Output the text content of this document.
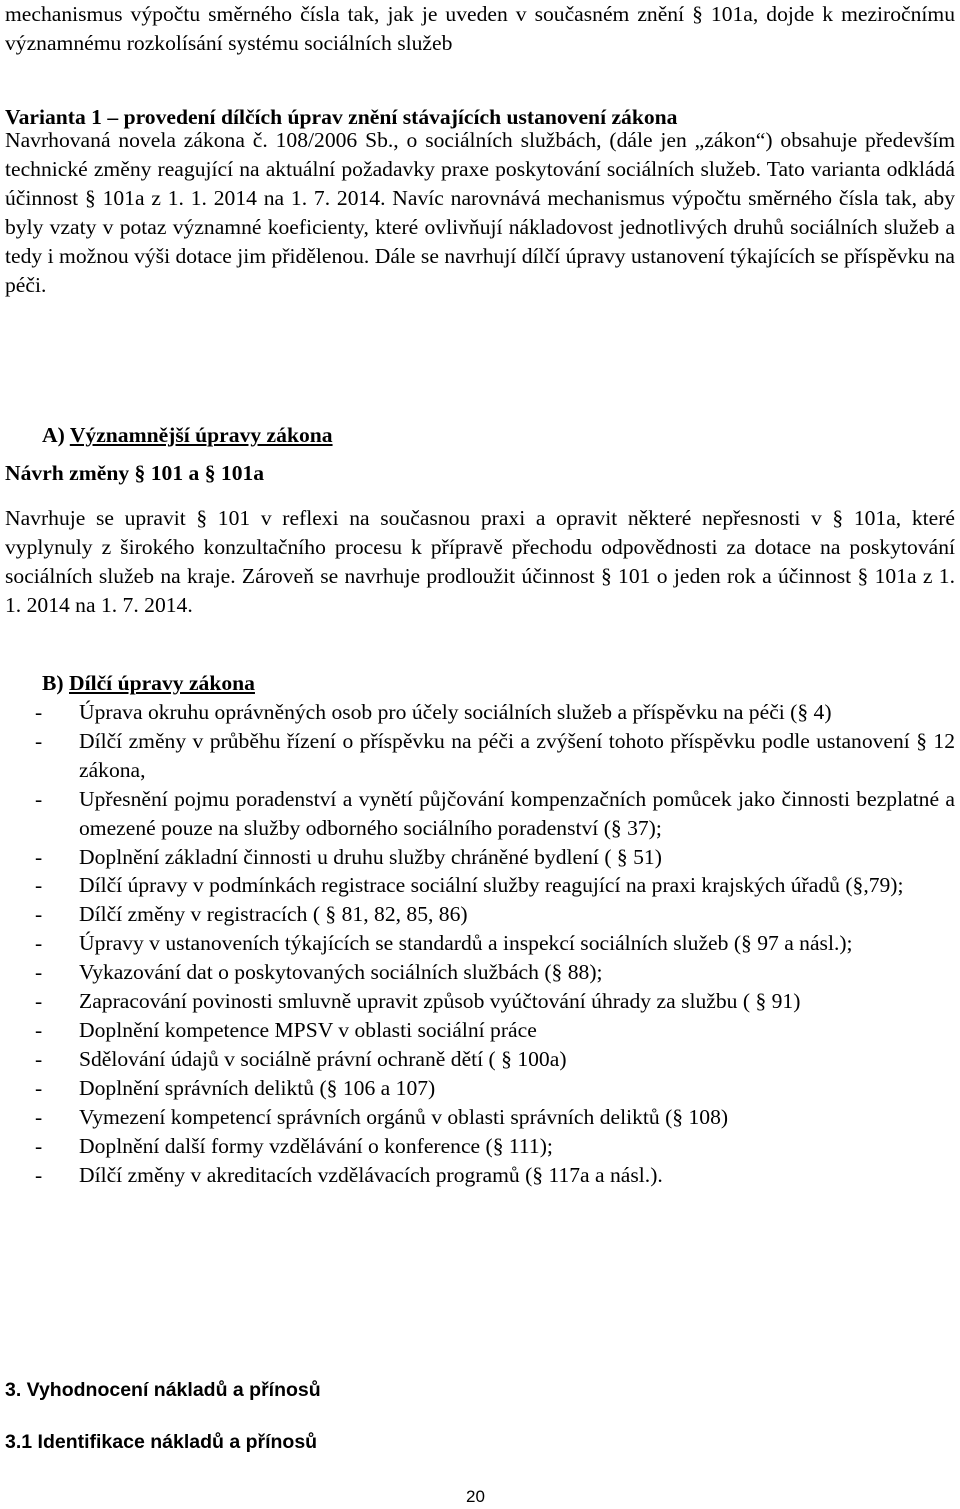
mechanismus výpočtu směrného čísla tak, jak je uveden v současném znění § 101a, dojde k meziročnímu významnému rozkolísání systému sociálních služeb
Varianta 1 – provedení dílčích úprav znění stávajících ustanovení zákona
Navrhovaná novela zákona č. 108/2006 Sb., o sociálních službách, (dále jen „zákon“) obsahuje především technické změny reagující na aktuální požadavky praxe poskytování sociálních služeb. Tato varianta odkládá účinnost § 101a z 1. 1. 2014 na 1. 7. 2014. Navíc narovnává mechanismus výpočtu směrného čísla tak, aby byly vzaty v potaz významné koeficienty, které ovlivňují nákladovost jednotlivých druhů sociálních služeb a tedy i možnou výši dotace jim přidělenou. Dále se navrhují dílčí úpravy ustanovení týkajících se příspěvku na péči.
A) Významnější úpravy zákona
Návrh změny § 101 a § 101a
Navrhuje se upravit § 101 v reflexi na současnou praxi a opravit některé nepřesnosti v § 101a, které vyplynuly z širokého konzultačního procesu k přípravě přechodu odpovědnosti za dotace na poskytování sociálních služeb na kraje. Zároveň se navrhuje prodloužit účinnost § 101 o jeden rok a účinnost § 101a z 1. 1. 2014 na 1. 7. 2014.
B) Dílčí úpravy zákona
- Úprava okruhu oprávněných osob pro účely sociálních služeb a příspěvku na péči (§ 4)
- Dílčí změny v průběhu řízení o příspěvku na péči a zvýšení tohoto příspěvku podle ustanovení § 12 zákona,
- Upřesnění pojmu poradenství a vynětí půjčování kompenzačních pomůcek jako činnosti bezplatné a omezené pouze na služby odborného sociálního poradenství (§ 37);
- Doplnění základní činnosti u druhu služby chráněné bydlení ( § 51)
- Dílčí úpravy v podmínkách registrace sociální služby reagující na praxi krajských úřadů (§,79);
- Dílčí změny v registracích ( § 81, 82, 85, 86)
- Úpravy v ustanoveních týkajících se standardů a inspekcí sociálních služeb (§ 97 a násl.);
- Vykazování dat o poskytovaných sociálních službách (§ 88);
- Zapracování povinosti smluvně upravit způsob vyúčtování úhrady za službu ( § 91)
- Doplnění kompetence MPSV v oblasti sociální práce
- Sdělování údajů v sociálně právní ochraně dětí ( § 100a)
- Doplnění správních deliktů (§ 106 a 107)
- Vymezení kompetencí správních orgánů v oblasti správních deliktů (§ 108)
- Doplnění další formy vzdělávání o konference (§ 111);
- Dílčí změny v akreditacích vzdělávacích programů (§ 117a a násl.).
3. Vyhodnocení nákladů a přínosů
3.1 Identifikace nákladů a přínosů
20
